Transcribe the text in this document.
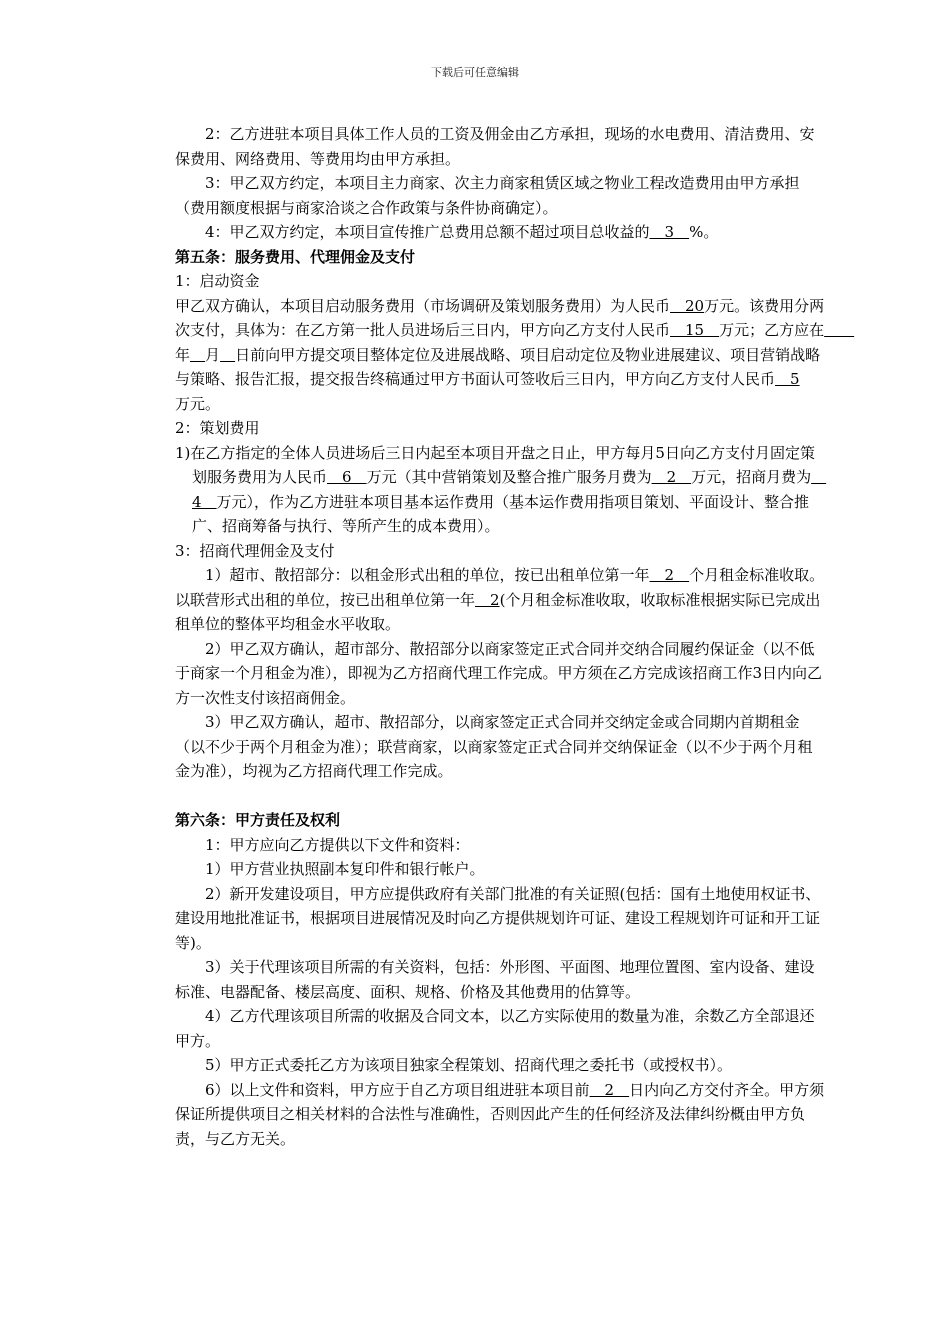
下载后可任意编辑

2：乙方进驻本项目具体工作人员的工资及佣金由乙方承担，现场的水电费用、清洁费用、安保费用、网络费用、等费用均由甲方承担。

3：甲乙双方约定，本项目主力商家、次主力商家租赁区域之物业工程改造费用由甲方承担（费用额度根据与商家洽谈之合作政策与条件协商确定）。

4：甲乙双方约定，本项目宣传推广总费用总额不超过项目总收益的　3　%。

第五条：服务费用、代理佣金及支付

1：启动资金

甲乙双方确认，本项目启动服务费用（市场调研及策划服务费用）为人民币　20万元。该费用分两次支付，具体为：在乙方第一批人员进场后三日内，甲方向乙方支付人民币　15　万元；乙方应在　　年　 月　 日前向甲方提交项目整体定位及进展战略、项目启动定位及物业进展建议、项目营销战略与策略、报告汇报，提交报告终稿通过甲方书面认可签收后三日内，甲方向乙方支付人民币　5
万元。

2：策划费用

1)在乙方指定的全体人员进场后三日内起至本项目开盘之日止，甲方每月5日向乙方支付月固定策划服务费用为人民币　6　万元（其中营销策划及整合推广服务月费为　2　万元，招商月费为　4　万元），作为乙方进驻本项目基本运作费用（基本运作费用指项目策划、平面设计、整合推广、招商筹备与执行、等所产生的成本费用）。

3：招商代理佣金及支付

1）超市、散招部分：以租金形式出租的单位，按已出租单位第一年　2　个月租金标准收取。以联营形式出租的单位，按已出租单位第一年　2(个月租金标准收取，收取标准根据实际已完成出租单位的整体平均租金水平收取。

2）甲乙双方确认，超市部分、散招部分以商家签定正式合同并交纳合同履约保证金（以不低于商家一个月租金为准），即视为乙方招商代理工作完成。甲方须在乙方完成该招商工作3日内向乙方一次性支付该招商佣金。

3）甲乙双方确认，超市、散招部分，以商家签定正式合同并交纳定金或合同期内首期租金（以不少于两个月租金为准）；联营商家，以商家签定正式合同并交纳保证金（以不少于两个月租金为准），均视为乙方招商代理工作完成。

第六条：甲方责任及权利

1：甲方应向乙方提供以下文件和资料：

1）甲方营业执照副本复印件和银行帐户。

2）新开发建设项目，甲方应提供政府有关部门批准的有关证照(包括：国有土地使用权证书、建设用地批准证书，根据项目进展情况及时向乙方提供规划许可证、建设工程规划许可证和开工证等)。

3）关于代理该项目所需的有关资料，包括：外形图、平面图、地理位置图、室内设备、建设标准、电器配备、楼层高度、面积、规格、价格及其他费用的估算等。

4）乙方代理该项目所需的收据及合同文本，以乙方实际使用的数量为准，余数乙方全部退还甲方。

5）甲方正式委托乙方为该项目独家全程策划、招商代理之委托书（或授权书）。

6）以上文件和资料，甲方应于自乙方项目组进驻本项目前　2　日内向乙方交付齐全。甲方须保证所提供项目之相关材料的合法性与准确性，否则因此产生的任何经济及法律纠纷概由甲方负责，与乙方无关。
